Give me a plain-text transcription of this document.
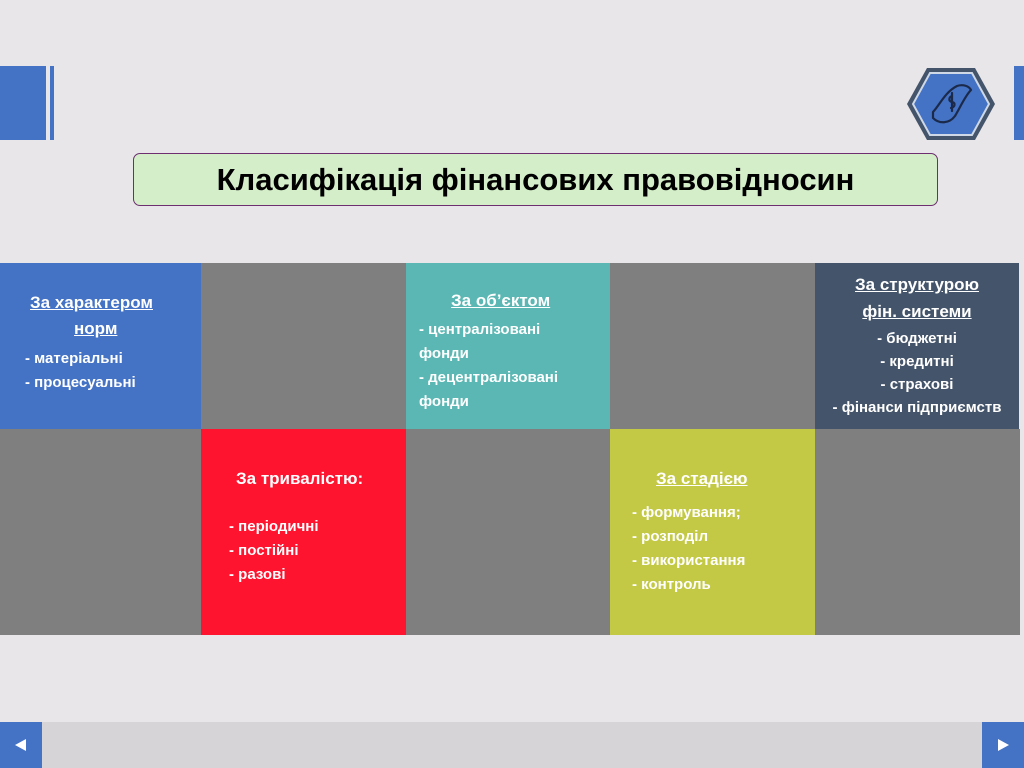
Класифікація фінансових правовідносин
За характером
норм
- матеріальні
- процесуальні
За об’єктом
- централізовані
фонди
- децентралізовані
фонди
За структурою
фін. системи
- бюджетні
- кредитні
- страхові
- фінанси підприємств
За тривалістю:
- періодичні
- постійні
- разові
За стадією
- формування;
- розподіл
- використання
- контроль
